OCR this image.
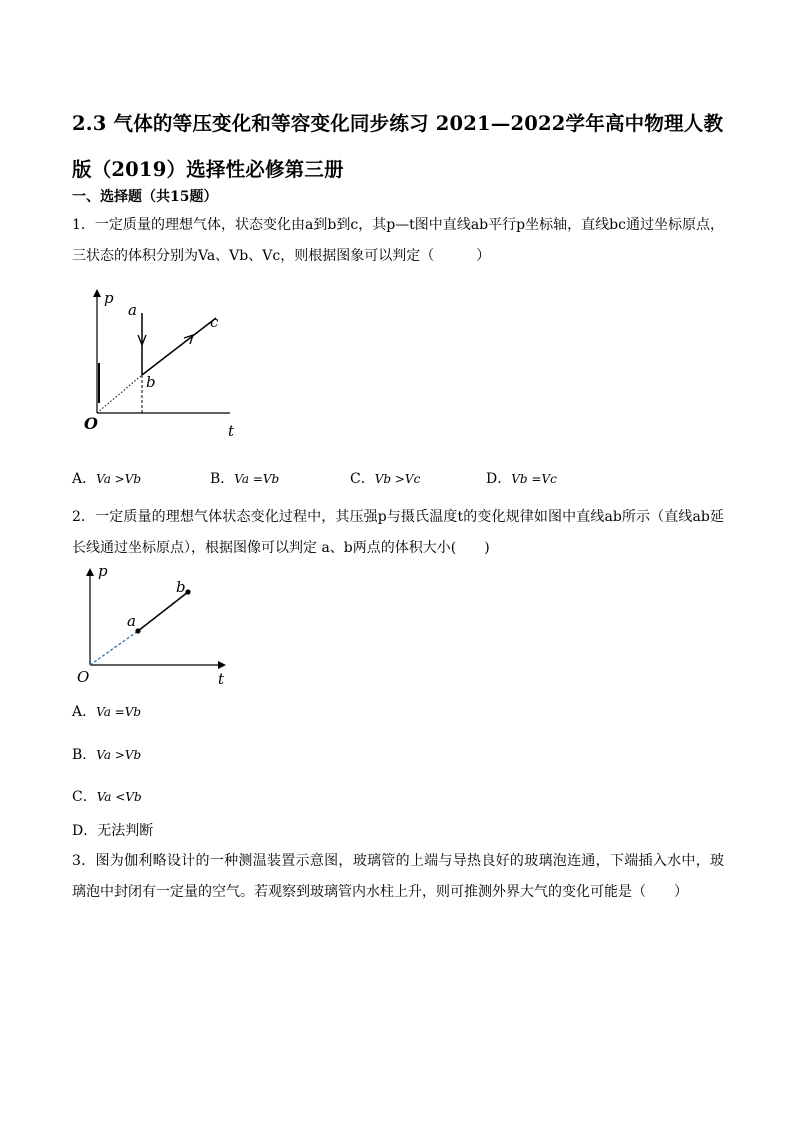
2.3 气体的等压变化和等容变化同步练习 2021—2022学年高中物理人教版（2019）选择性必修第三册
一、选择题（共15题）
1．一定质量的理想气体，状态变化由a到b到c，其p—t图中直线ab平行p坐标轴，直线bc通过坐标原点，三状态的体积分别为Va、Vb、Vc，则根据图象可以判定（　　　）
p
O	t
a
b
c
A．Va >Vb	B．Va =Vb	C．Vb >Vc	D．Vb =Vc
2．一定质量的理想气体状态变化过程中，其压强p与摄氏温度t的变化规律如图中直线ab所示（直线ab延长线通过坐标原点），根据图像可以判定 a、b两点的体积大小(　　)
p
O	t
a
b
A．Va =Vb
B．Va >Vb
C．Va <Vb
D．无法判断
3．图为伽利略设计的一种测温装置示意图，玻璃管的上端与导热良好的玻璃泡连通，下端插入水中，玻璃泡中封闭有一定量的空气。若观察到玻璃管内水柱上升，则可推测外界大气的变化可能是（　　）
